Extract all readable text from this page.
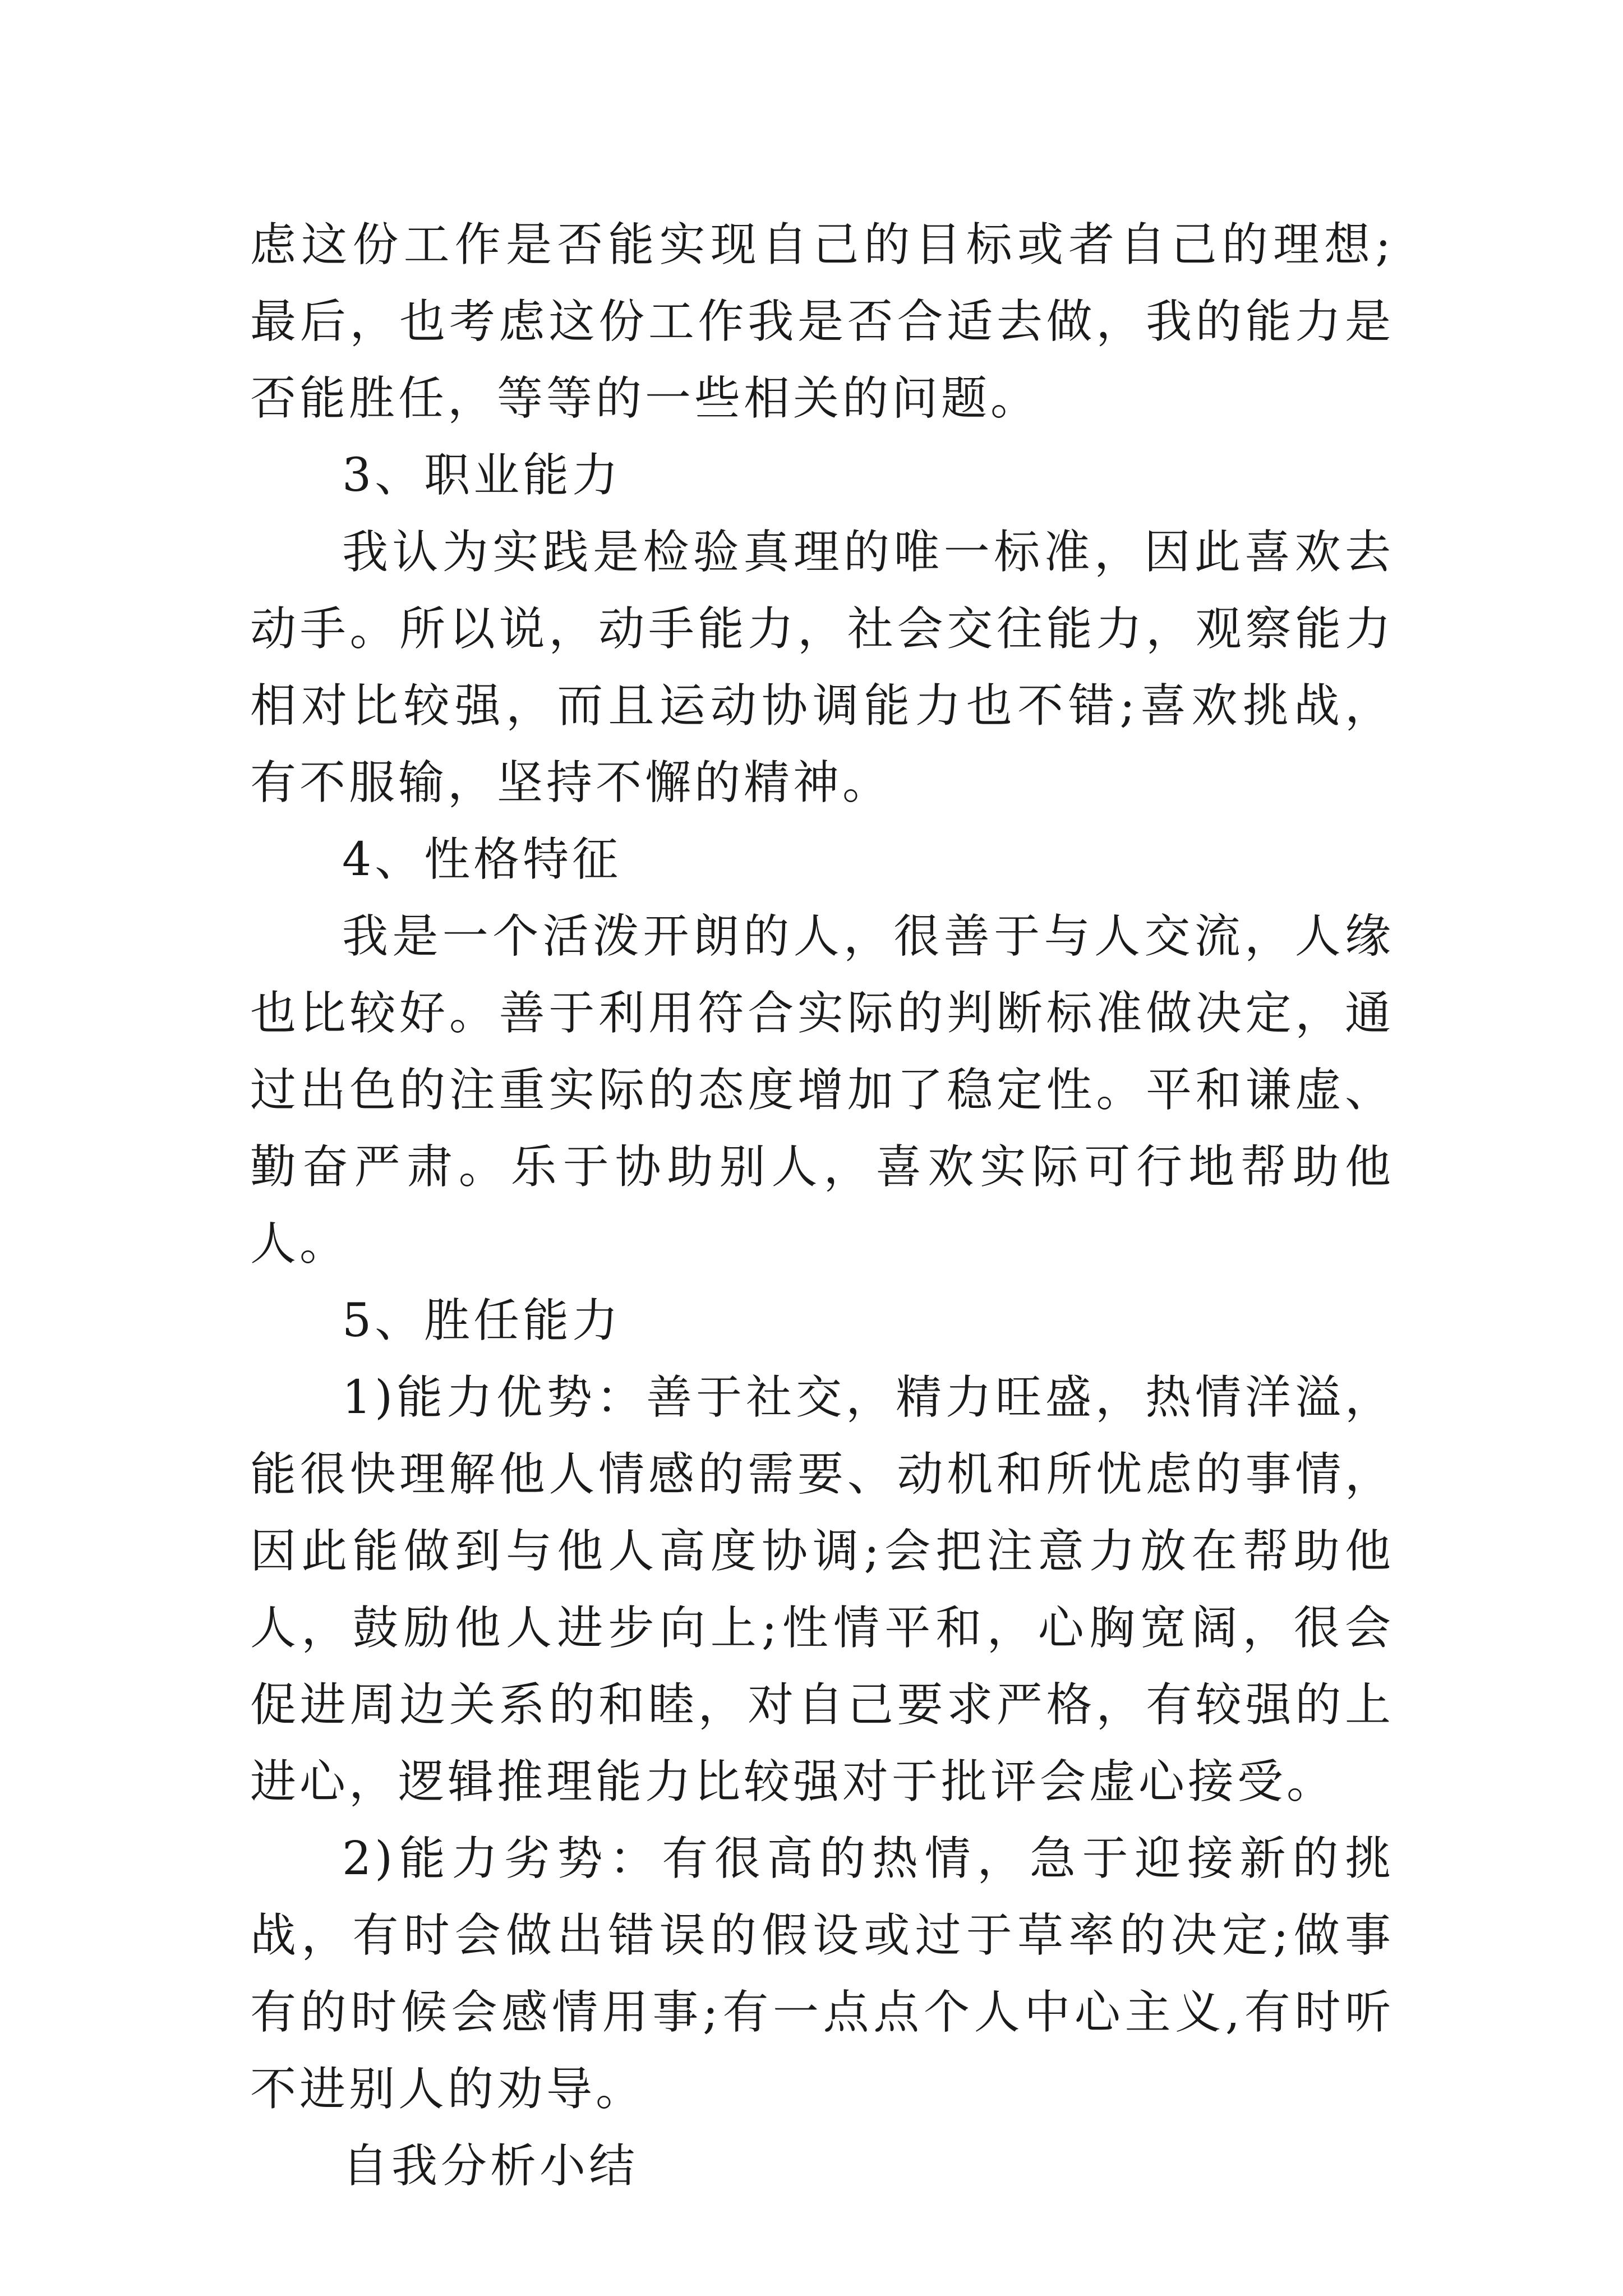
虑这份工作是否能实现自己的目标或者自己的理想;最后，也考虑这份工作我是否合适去做，我的能力是否能胜任，等等的一些相关的问题。

3、职业能力

我认为实践是检验真理的唯一标准，因此喜欢去动手。所以说，动手能力，社会交往能力，观察能力相对比较强，而且运动协调能力也不错;喜欢挑战，有不服输，坚持不懈的精神。

4、性格特征

我是一个活泼开朗的人，很善于与人交流，人缘也比较好。善于利用符合实际的判断标准做决定，通过出色的注重实际的态度增加了稳定性。平和谦虚、勤奋严肃。乐于协助别人，喜欢实际可行地帮助他人。

5、胜任能力

1)能力优势：善于社交，精力旺盛，热情洋溢，能很快理解他人情感的需要、动机和所忧虑的事情，因此能做到与他人高度协调;会把注意力放在帮助他人，鼓励他人进步向上;性情平和，心胸宽阔，很会促进周边关系的和睦，对自己要求严格，有较强的上进心，逻辑推理能力比较强对于批评会虚心接受。

2)能力劣势：有很高的热情，急于迎接新的挑战，有时会做出错误的假设或过于草率的决定;做事有的时候会感情用事;有一点点个人中心主义,有时听不进别人的劝导。

自我分析小结
